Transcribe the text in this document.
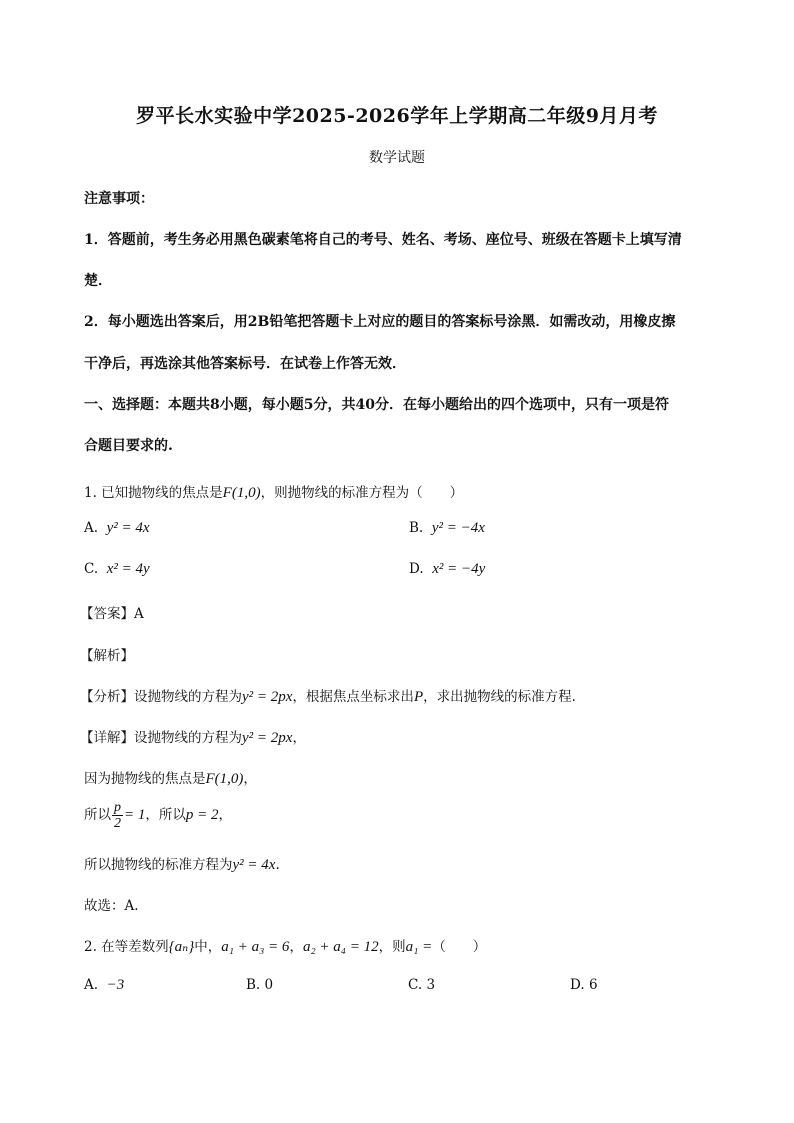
罗平长水实验中学2025-2026学年上学期高二年级9月月考
数学试题
注意事项：
1．答题前，考生务必用黑色碳素笔将自己的考号、姓名、考场、座位号、班级在答题卡上填写清
楚．
2．每小题选出答案后，用2B铅笔把答题卡上对应的题目的答案标号涂黑．如需改动，用橡皮擦
干净后，再选涂其他答案标号．在试卷上作答无效．
一、选择题：本题共8小题，每小题5分，共40分．在每小题给出的四个选项中，只有一项是符
合题目要求的.
1. 已知抛物线的焦点是F(1,0)，则抛物线的标准方程为（　　）
A. y² = 4x	B. y² = −4x
C. x² = 4y	D. x² = −4y
【答案】A
【解析】
【分析】设抛物线的方程为y² = 2px，根据焦点坐标求出P，求出抛物线的标准方程.
【详解】设抛物线的方程为y² = 2px，
因为抛物线的焦点是F(1,0)，
所以 $\frac{p}{2} = 1$，所以p = 2，
所以抛物线的标准方程为y² = 4x.
故选：A.
2. 在等差数列{aₙ}中，a₁ + a₃ = 6，a₂ + a₄ = 12，则a₁ =（　　）
A. −3	B. 0	C. 3	D. 6
